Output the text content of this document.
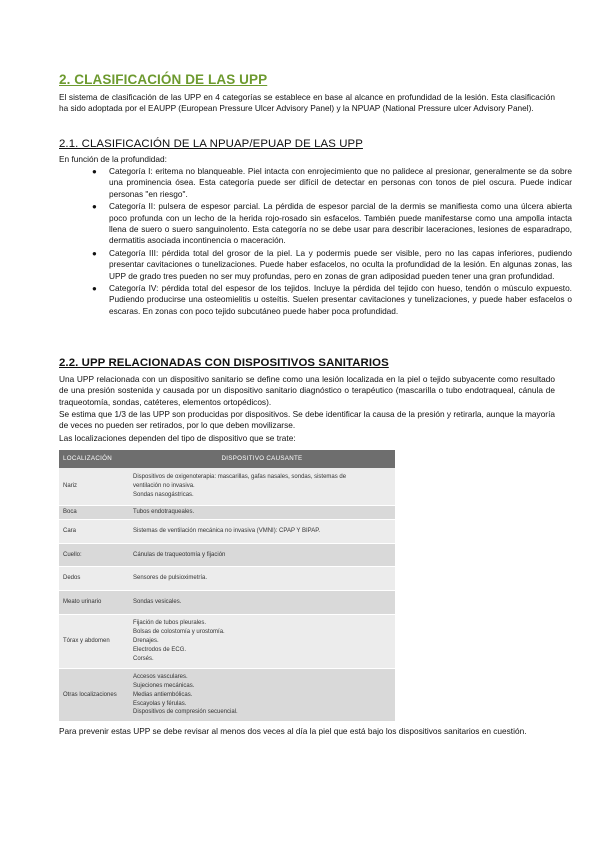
2. CLASIFICACIÓN DE LAS UPP

El sistema de clasificación de las UPP en 4 categorías se establece en base al alcance en profundidad de la lesión. Esta clasificación ha sido adoptada por el EAUPP (European Pressure Ulcer Advisory Panel) y la NPUAP (National Pressure ulcer Advisory Panel).

2.1. CLASIFICACIÓN DE LA NPUAP/EPUAP DE LAS UPP

En función de la profundidad:

● Categoría I: eritema no blanqueable. Piel intacta con enrojecimiento que no palidece al presionar, generalmente se da sobre una prominencia ósea. Esta categoría puede ser difícil de detectar en personas con tonos de piel oscura. Puede indicar personas "en riesgo".
● Categoría II: pulsera de espesor parcial. La pérdida de espesor parcial de la dermis se manifiesta como una úlcera abierta poco profunda con un lecho de la herida rojo-rosado sin esfacelos. También puede manifestarse como una ampolla intacta llena de suero o suero sanguinolento. Esta categoría no se debe usar para describir laceraciones, lesiones de esparadrapo, dermatitis asociada incontinencia o maceración.
● Categoría III: pérdida total del grosor de la piel. La y podermis puede ser visible, pero no las capas inferiores, pudiendo presentar cavitaciones o tunelizaciones. Puede haber esfacelos, no oculta la profundidad de la lesión. En algunas zonas, las UPP de grado tres pueden no ser muy profundas, pero en zonas de gran adiposidad pueden tener una gran profundidad.
● Categoría IV: pérdida total del espesor de los tejidos. Incluye la pérdida del tejido con hueso, tendón o músculo expuesto. Pudiendo producirse una osteomielitis u osteítis. Suelen presentar cavitaciones y tunelizaciones, y puede haber esfacelos o escaras. En zonas con poco tejido subcutáneo puede haber poca profundidad.
2.2. UPP RELACIONADAS CON DISPOSITIVOS SANITARIOS

Una UPP relacionada con un dispositivo sanitario se define como una lesión localizada en la piel o tejido subyacente como resultado de una presión sostenida y causada por un dispositivo sanitario diagnóstico o terapéutico (mascarilla o tubo endotraqueal, cánula de traqueotomía, sondas, catéteres, elementos ortopédicos).

Se estima que 1/3 de las UPP son producidas por dispositivos. Se debe identificar la causa de la presión y retirarla, aunque la mayoría de veces no pueden ser retirados, por lo que deben movilizarse.

Las localizaciones dependen del tipo de dispositivo que se trate:

LOCALIZACIÓN	DISPOSITIVO CAUSANTE
Nariz	Dispositivos de oxigenoterapia: mascarillas, gafas nasales, sondas, sistemas de
ventilación no invasiva.
Sondas nasogástricas.

Boca	Tubos endotraqueales.

Cara	Sistemas de ventilación mecánica no invasiva (VMNI): CPAP Y BIPAP.

Cuello:	Cánulas de traqueotomía y fijación

Dedos	Sensores de pulsioximetría.

Meato urinario	Sondas vesicales.

Tórax y abdomen	Fijación de tubos pleurales.
Bolsas de colostomía y urostomía.
Drenajes.
Electrodos de ECG.
Corsés.

Otras localizaciones	Accesos vasculares.
Sujeciones mecánicas.
Medias antiembólicas.
Escayolas y férulas.
Dispositivos de compresión secuencial.

Para prevenir estas UPP se debe revisar al menos dos veces al día la piel que está bajo los dispositivos sanitarios en cuestión.
